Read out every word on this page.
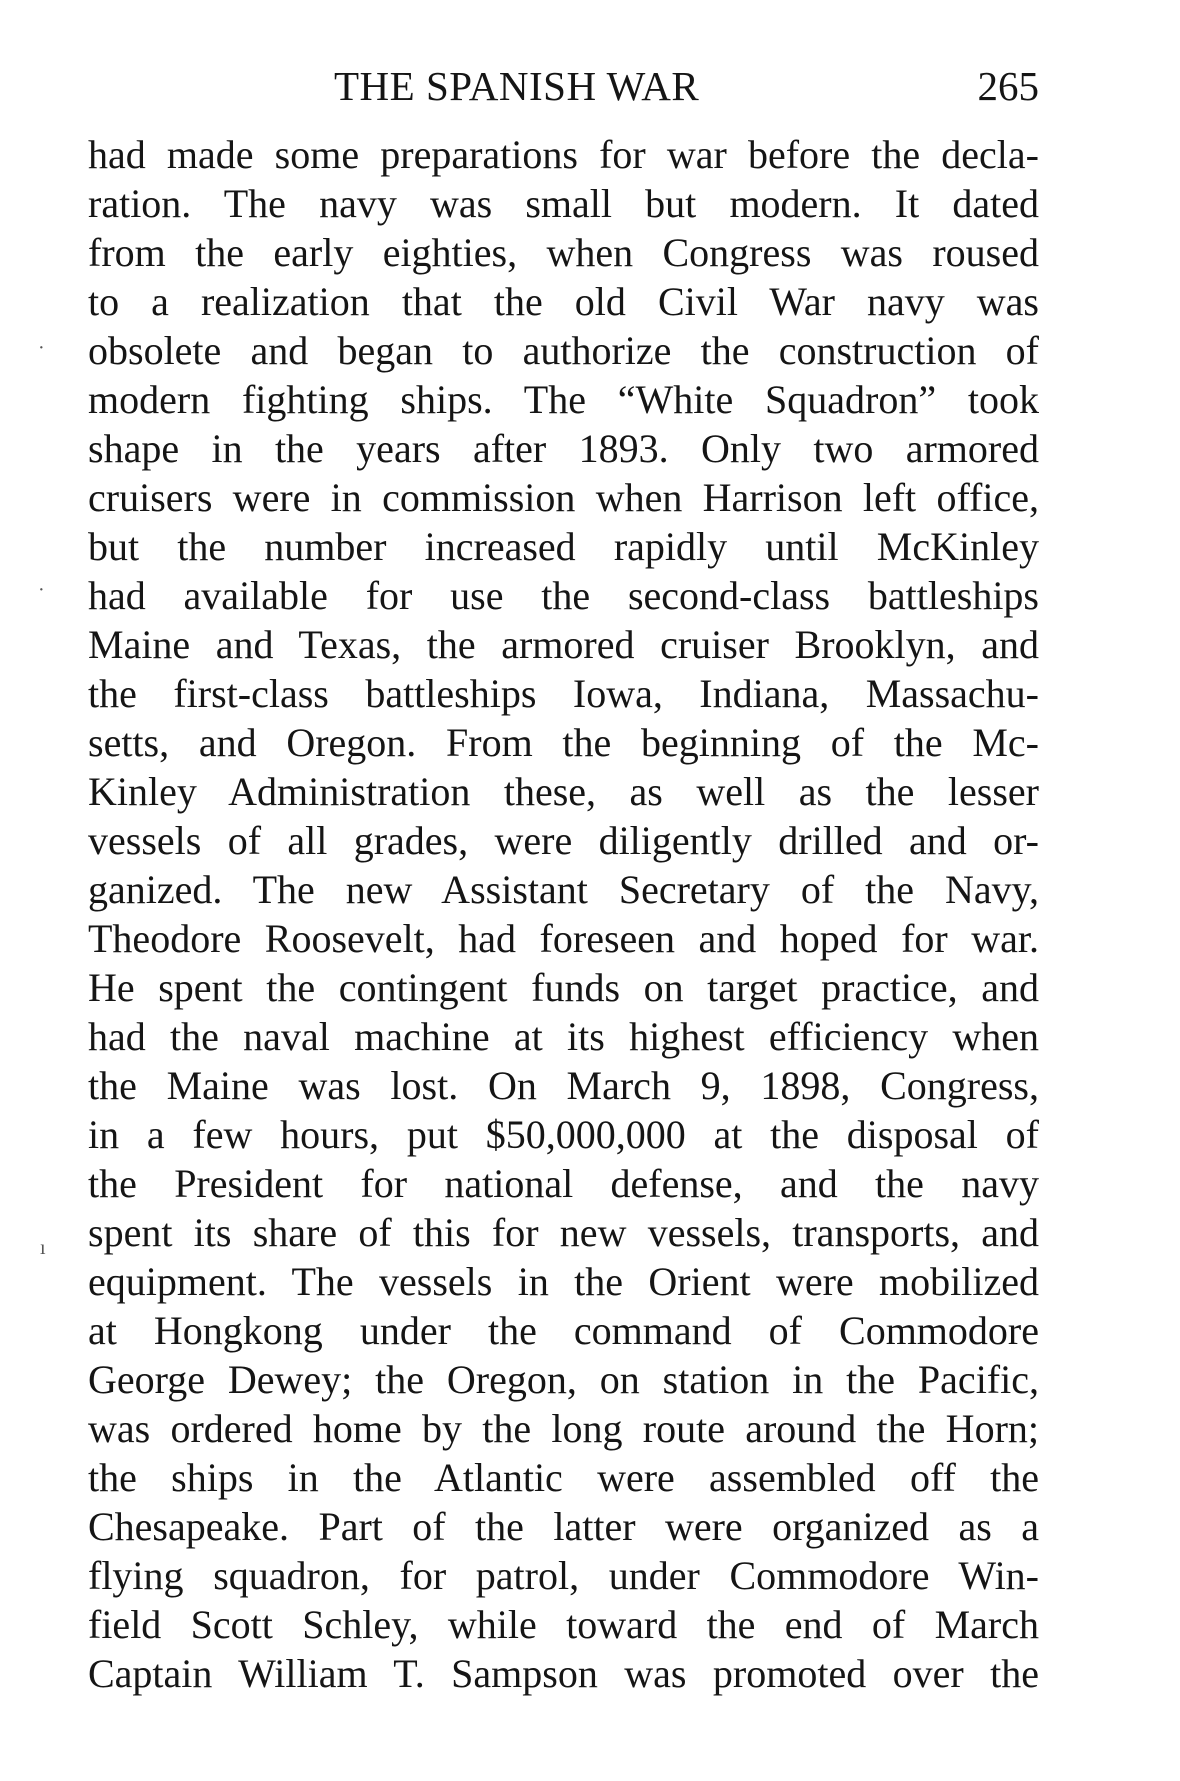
THE SPANISH WAR	265
had made some preparations for war before the decla-
ration. The navy was small but modern. It dated
from the early eighties, when Congress was roused
to a realization that the old Civil War navy was
obsolete and began to authorize the construction of
modern fighting ships. The “White Squadron” took
shape in the years after 1893. Only two armored
cruisers were in commission when Harrison left office,
but the number increased rapidly until McKinley
had available for use the second-class battleships
Maine and Texas, the armored cruiser Brooklyn, and
the first-class battleships Iowa, Indiana, Massachu-
setts, and Oregon. From the beginning of the Mc-
Kinley Administration these, as well as the lesser
vessels of all grades, were diligently drilled and or-
ganized. The new Assistant Secretary of the Navy,
Theodore Roosevelt, had foreseen and hoped for war.
He spent the contingent funds on target practice, and
had the naval machine at its highest efficiency when
the Maine was lost. On March 9, 1898, Congress,
in a few hours, put $50,000,000 at the disposal of
the President for national defense, and the navy
spent its share of this for new vessels, transports, and
equipment. The vessels in the Orient were mobilized
at Hongkong under the command of Commodore
George Dewey; the Oregon, on station in the Pacific,
was ordered home by the long route around the Horn;
the ships in the Atlantic were assembled off the
Chesapeake. Part of the latter were organized as a
flying squadron, for patrol, under Commodore Win-
field Scott Schley, while toward the end of March
Captain William T. Sampson was promoted over the
·
·
ı
